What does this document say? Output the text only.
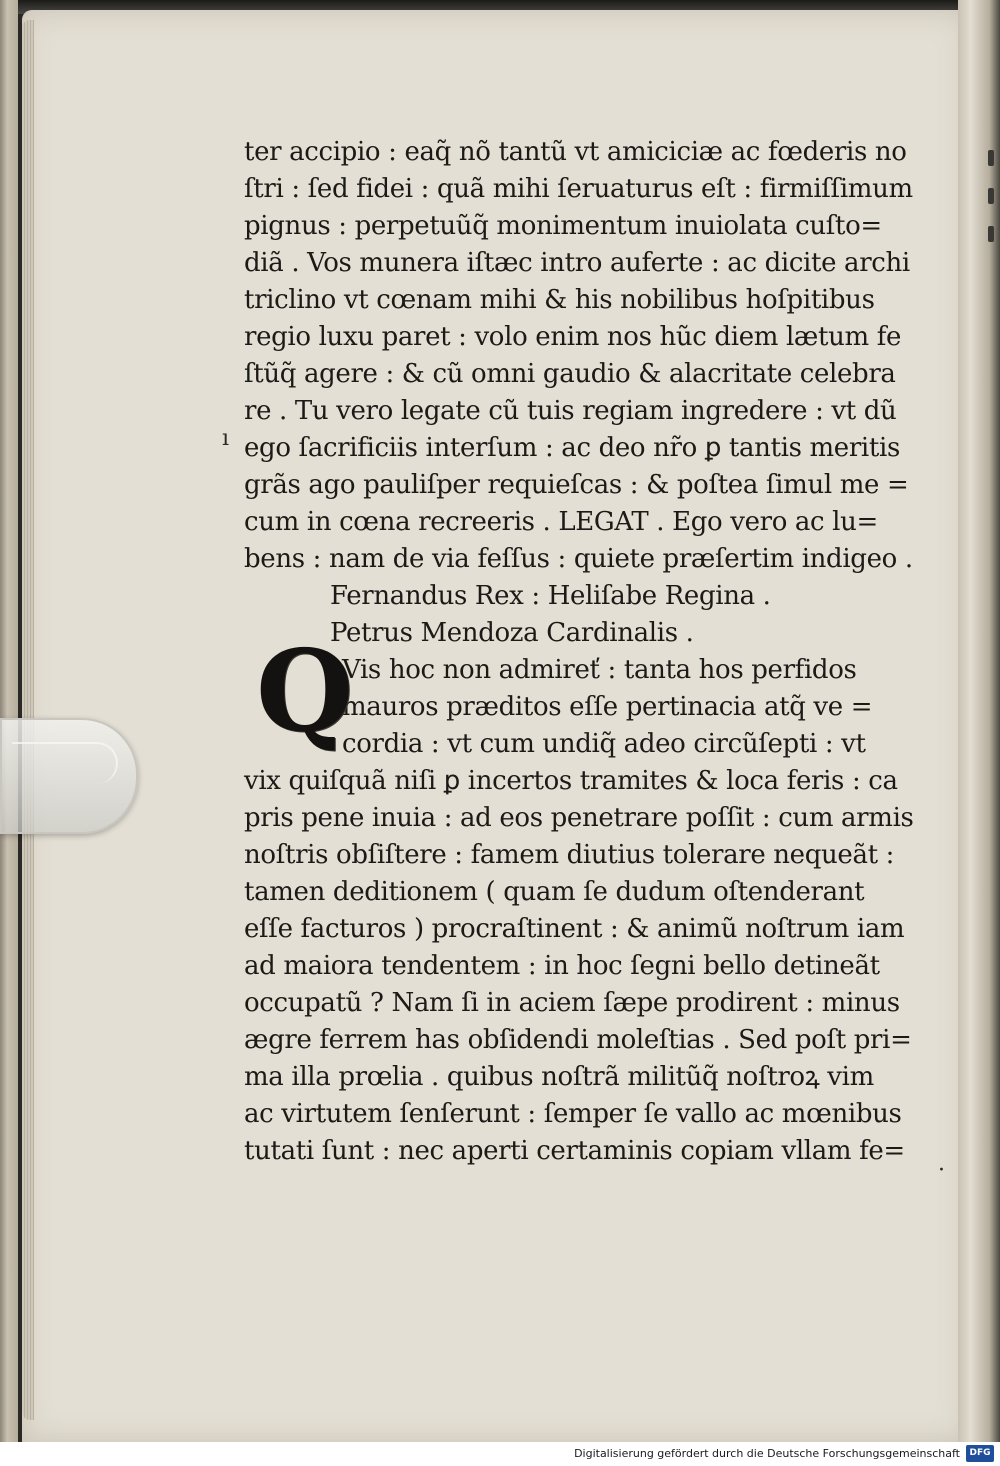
ı
·
ter accipio : eaq̃ nõ tantũ vt amiciciæ ac fœderis no
ſtri : ſed fidei : quã mihi ſeruaturus eſt : firmiſſimum
pignus : perpetuũq̃ monimentum inuiolata cuſto=
diã . Vos munera iſtæc intro auferte : ac dicite archi
triclino vt cœnam mihi & his nobilibus hoſpitibus
regio luxu paret : volo enim nos hũc diem lætum fe
ſtũq̃ agere : & cũ omni gaudio & alacritate celebra
re . Tu vero legate cũ tuis regiam ingredere : vt dũ
ego ſacrificiis interſum : ac deo nr̃o ꝑ tantis meritis
grãs ago pauliſper requieſcas : & poſtea ſimul me =
cum in cœna recreeris . LEGAT . Ego vero ac lu=
bens : nam de via feſſus : quiete præſertim indigeo .
Fernandus Rex : Heliſabe Regina .
Petrus Mendoza Cardinalis .
Vis hoc non admireť : tanta hos perfidos
mauros præditos eſſe pertinacia atq̃ ve =
cordia : vt cum undiq̃ adeo circũſepti : vt
vix quiſquã niſi ꝑ incertos tramites & loca feris : ca
pris pene inuia : ad eos penetrare poſſit : cum armis
noſtris obſiſtere : famem diutius tolerare nequeãt :
tamen deditionem ( quam ſe dudum oſtenderant
eſſe facturos ) procraſtinent : & animũ noſtrum iam
ad maiora tendentem : in hoc ſegni bello detineãt
occupatũ ? Nam ſi in aciem ſæpe prodirent : minus
ægre ferrem has obſidendi moleſtias . Sed poſt pri=
ma illa prœlia . quibus noſtrã militũq̃ noſtroꝝ vim
ac virtutem ſenſerunt : ſemper ſe vallo ac mœnibus
tutati ſunt : nec aperti certaminis copiam vllam fe=
Q
Digitalisierung gefördert durch die Deutsche Forschungsgemeinschaft	DFG
